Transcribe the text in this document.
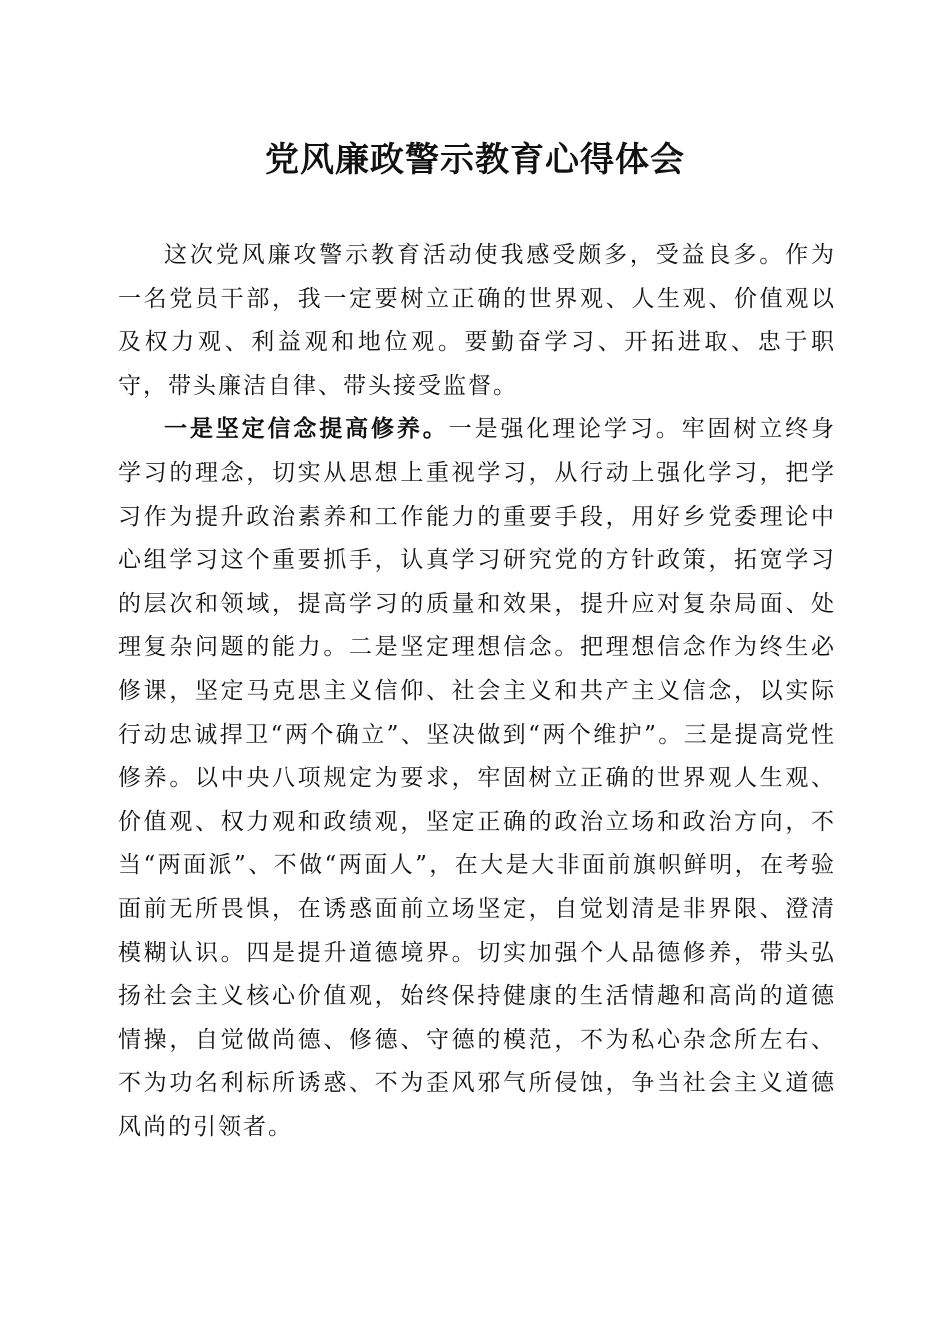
党风廉政警示教育心得体会

这次党风廉攻警示教育活动使我感受颇多，受益良多。作为一名党员干部，我一定要树立正确的世界观、人生观、价值观以及权力观、利益观和地位观。要勤奋学习、开拓进取、忠于职守，带头廉洁自律、带头接受监督。

一是坚定信念提高修养。一是强化理论学习。牢固树立终身学习的理念，切实从思想上重视学习，从行动上强化学习，把学习作为提升政治素养和工作能力的重要手段，用好乡党委理论中心组学习这个重要抓手，认真学习研究党的方针政策，拓宽学习的层次和领域，提高学习的质量和效果，提升应对复杂局面、处理复杂问题的能力。二是坚定理想信念。把理想信念作为终生必修课，坚定马克思主义信仰、社会主义和共产主义信念，以实际行动忠诚捍卫“两个确立”、坚决做到“两个维护”。三是提高党性修养。以中央八项规定为要求，牢固树立正确的世界观人生观、价值观、权力观和政绩观，坚定正确的政治立场和政治方向，不当“两面派”、不做“两面人”，在大是大非面前旗帜鲜明，在考验面前无所畏惧，在诱惑面前立场坚定，自觉划清是非界限、澄清模糊认识。四是提升道德境界。切实加强个人品德修养，带头弘扬社会主义核心价值观，始终保持健康的生活情趣和高尚的道德情操，自觉做尚德、修德、守德的模范，不为私心杂念所左右、不为功名利标所诱惑、不为歪风邪气所侵蚀，争当社会主义道德风尚的引领者。
